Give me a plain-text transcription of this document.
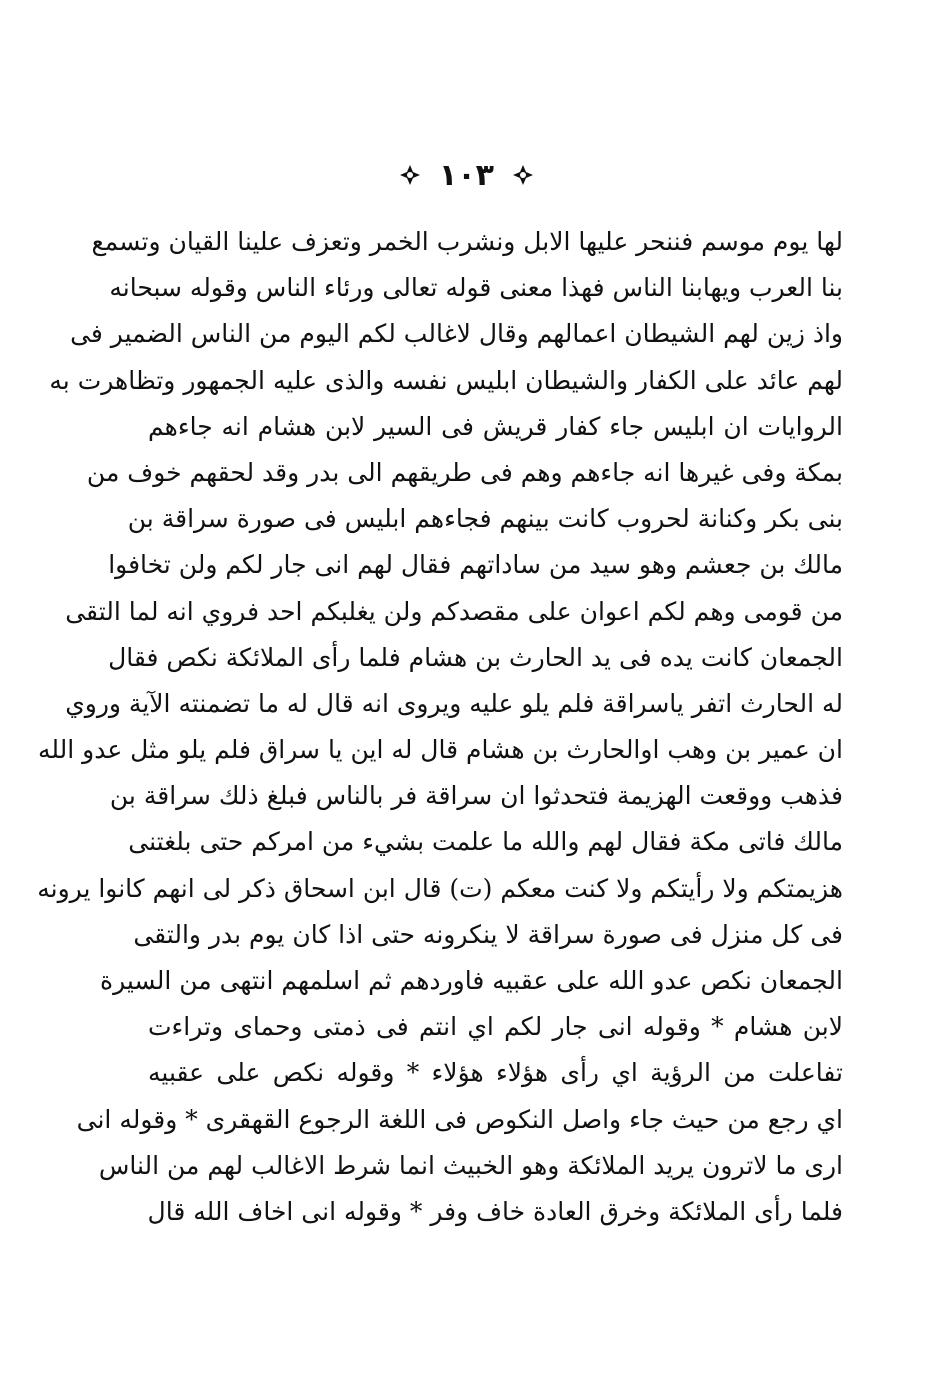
١٠٣
لها يوم موسم فننحر عليها الابل ونشرب الخمر وتعزف علينا القيان وتسمع
بنا العرب ويهابنا الناس فهذا معنى قوله تعالى ورئاء الناس وقوله سبحانه
واذ زين لهم الشيطان اعمالهم وقال لاغالب لكم اليوم من الناس الضمير فى
لهم عائد على الكفار والشيطان ابليس نفسه والذى عليه الجمهور وتظاهرت به
الروايات ان ابليس جاء كفار قريش فى السير لابن هشام انه جاءهم
بمكة وفى غيرها انه جاءهم وهم فى طريقهم الى بدر وقد لحقهم خوف من
بنى بكر وكنانة لحروب كانت بينهم فجاءهم ابليس فى صورة سراقة بن
مالك بن جعشم وهو سيد من ساداتهم فقال لهم انى جار لكم ولن تخافوا
من قومى وهم لكم اعوان على مقصدكم ولن يغلبكم احد فروي انه لما التقى
الجمعان كانت يده فى يد الحارث بن هشام فلما رأى الملائكة نكص فقال
له الحارث اتفر ياسراقة فلم يلو عليه ويروى انه قال له ما تضمنته الآية وروي
ان عمير بن وهب اوالحارث بن هشام قال له اين يا سراق فلم يلو مثل عدو الله
فذهب ووقعت الهزيمة فتحدثوا ان سراقة فر بالناس فبلغ ذلك سراقة بن
مالك فاتى مكة فقال لهم والله ما علمت بشيء من امركم حتى بلغتنى
هزيمتكم ولا رأيتكم ولا كنت معكم (ت) قال ابن اسحاق ذكر لى انهم كانوا يرونه
فى كل منزل فى صورة سراقة لا ينكرونه حتى اذا كان يوم بدر والتقى
الجمعان نكص عدو الله على عقبيه فاوردهم ثم اسلمهم انتهى من السيرة
لابن هشام * وقوله انى جار لكم اي انتم فى ذمتى وحماى وتراءت
تفاعلت من الرؤية اي رأى هؤلاء هؤلاء * وقوله نكص على عقبيه
اي رجع من حيث جاء واصل النكوص فى اللغة الرجوع القهقرى * وقوله انى
ارى ما لاترون يريد الملائكة وهو الخبيث انما شرط الاغالب لهم من الناس
فلما رأى الملائكة وخرق العادة خاف وفر * وقوله انى اخاف الله قال
